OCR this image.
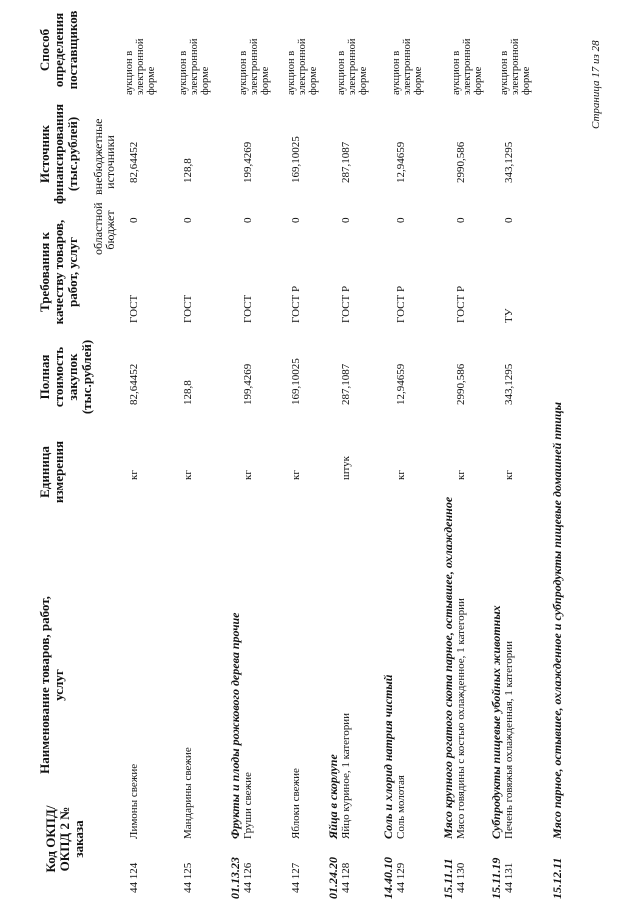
Код ОКПД/ ОКПД 2 № заказа
Наименование товаров, работ, услуг
Единица измерения
Полная стоимость закупок (тыс.рублей)
Требования к качеству товаров, работ, услуг
Источник финансирования (тыс.рублей)
областной бюджет
внебюджетные источники
Способ определения поставщиков
44 124
Лимоны свежие
кг
82,64452
ГОСТ
0
82,64452
аукцион в электронной форме
44 125
Мандарины свежие
кг
128,8
ГОСТ
0
128,8
аукцион в электронной форме
01.13.23
Фрукты и плоды рожкового дерева прочие
44 126
Груши свежие
кг
199,4269
ГОСТ
0
199,4269
аукцион в электронной форме
44 127
Яблоки свежие
кг
169,10025
ГОСТ Р
0
169,10025
аукцион в электронной форме
01.24.20
Яйца в скорлупе
44 128
Яйцо куриное, 1 категории
штук
287,1087
ГОСТ Р
0
287,1087
аукцион в электронной форме
14.40.10
Соль и хлорид натрия чистый
44 129
Соль молотая
кг
12,94659
ГОСТ Р
0
12,94659
аукцион в электронной форме
15.11.11
Мясо крупного рогатого скота парное, остывшее, охлажденное
44 130
Мясо говядины с костью охлажденное, 1 категории
кг
2990,586
ГОСТ Р
0
2990,586
аукцион в электронной форме
15.11.19
Субпродукты пищевые убойных животных
44 131
Печень говяжья охлажденная, 1 категории
кг
343,1295
ТУ
0
343,1295
аукцион в электронной форме
15.12.11
Мясо парное, остывшее, охлажденное и субпродукты пищевые домашней птицы
Страница 17 из 28
